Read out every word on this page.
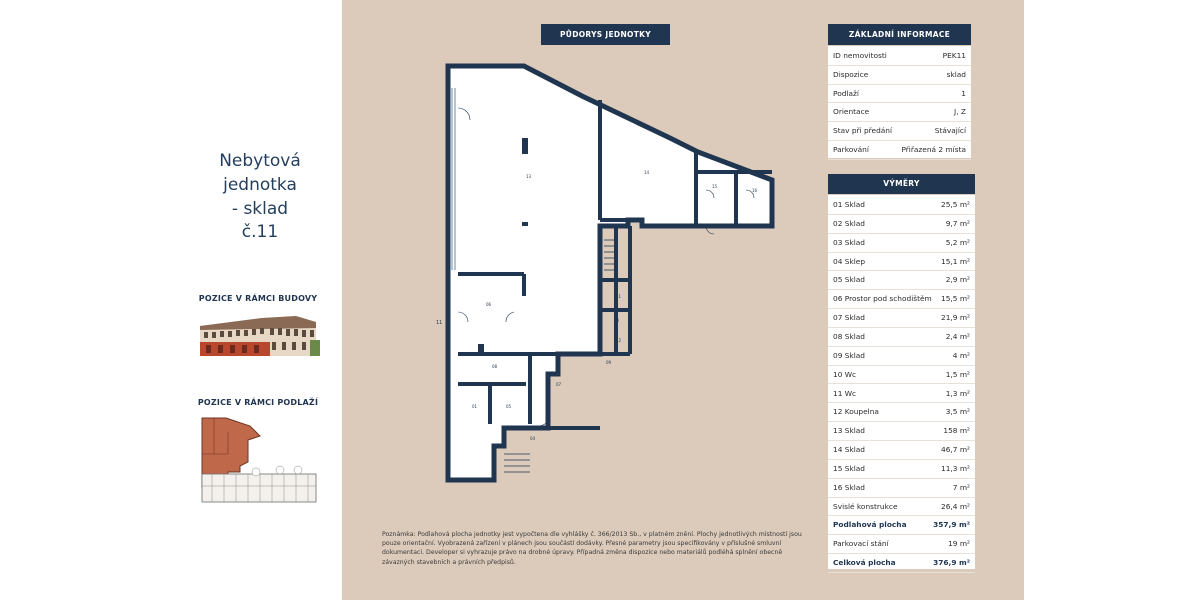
Nebytová
jednotka
- sklad
č.11
POZICE V RÁMCI BUDOVY
POZICE V RÁMCI PODLAŽÍ
PŮDORYS JEDNOTKY
13
14
15
16
06
08
07
01	05
04
09
11
12
10
11
ZÁKLADNÍ INFORMACE
ID nemovitosti	PEK11
Dispozice	sklad
Podlaží	1
Orientace	J, Z
Stav při předání	Stávající
Parkování	Přiřazená 2 místa
VÝMĚRY
01 Sklad	25,5 m²
02 Sklad	9,7 m²
03 Sklad	5,2 m²
04 Sklep	15,1 m²
05 Sklad	2,9 m²
06 Prostor pod schodištěm 15,5 m²
07 Sklad	21,9 m²
08 Sklad	2,4 m²
09 Sklad	4 m²
10 Wc	1,5 m²
11 Wc	1,3 m²
12 Koupelna	3,5 m²
13 Sklad	158 m²
14 Sklad	46,7 m²
15 Sklad	11,3 m²
16 Sklad	7 m²
Svislé konstrukce	26,4 m²
Podlahová plocha	357,9 m²
Parkovací stání	19 m²
Celková plocha	376,9 m²
Poznámka: Podlahová plocha jednotky jest vypočtena dle vyhlášky č. 366/2013 Sb., v platném znění. Plochy jednotlivých místností jsou pouze orientační. Vyobrazená zařízení v plánech jsou součástí dodávky. Přesné parametry jsou specifikovány v příslušné smluvní dokumentaci. Developer si vyhrazuje právo na drobné úpravy. Případná změna dispozice nebo materiálů podléhá splnění obecně závazných stavebních a právních předpisů.
